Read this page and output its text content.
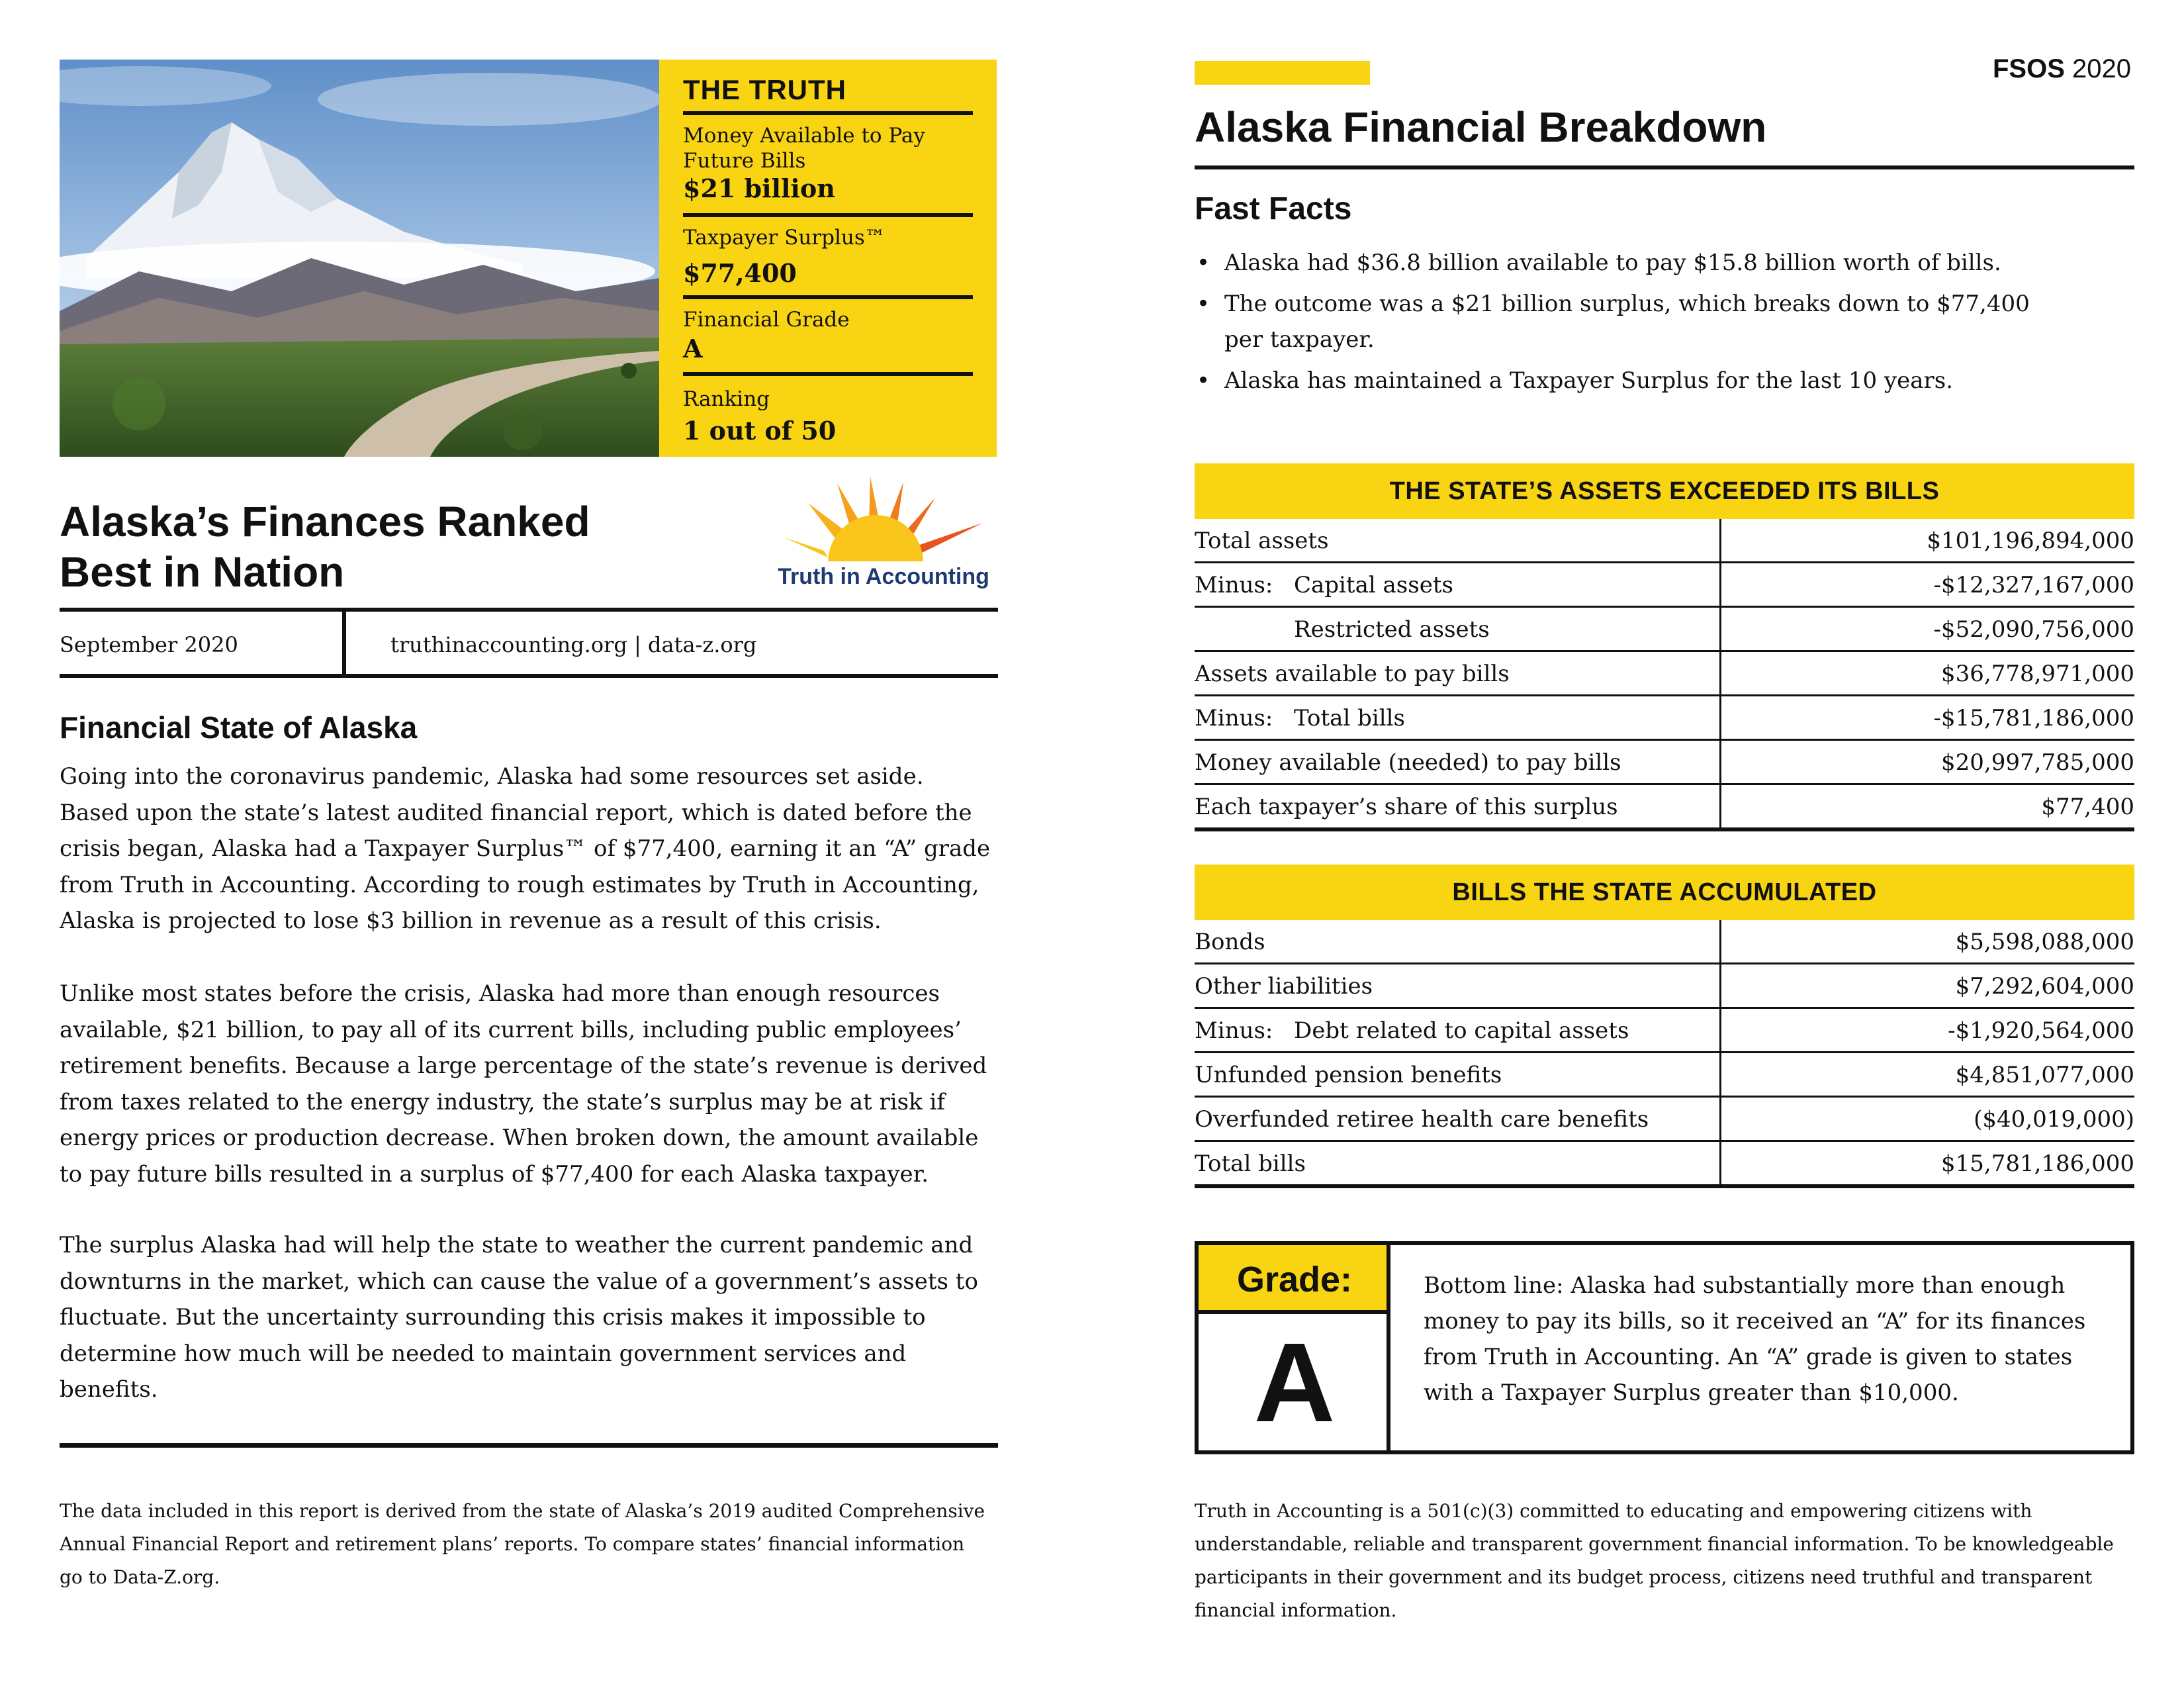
THE TRUTH
Money Available to Pay Future Bills
$21 billion
Taxpayer Surplus™
$77,400
Financial Grade
A
Ranking
1 out of 50
Alaska’s Finances Ranked
Best in Nation	Truth in Accounting
September 2020	truthinaccounting.org | data-z.org
Financial State of Alaska
Going into the coronavirus pandemic, Alaska had some resources set aside. Based upon the state’s latest audited financial report, which is dated before the crisis began, Alaska had a Taxpayer Surplus™ of $77,400, earning it an “A” grade from Truth in Accounting. According to rough estimates by Truth in Accounting, Alaska is projected to lose $3 billion in revenue as a result of this crisis.
Unlike most states before the crisis, Alaska had more than enough resources available, $21 billion, to pay all of its current bills, including public employees’ retirement benefits. Because a large percentage of the state’s revenue is derived from taxes related to the energy industry, the state’s surplus may be at risk if energy prices or production decrease. When broken down, the amount available to pay future bills resulted in a surplus of $77,400 for each Alaska taxpayer.
The surplus Alaska had will help the state to weather the current pandemic and downturns in the market, which can cause the value of a government’s assets to fluctuate. But the uncertainty surrounding this crisis makes it impossible to determine how much will be needed to maintain government services and benefits.
The data included in this report is derived from the state of Alaska’s 2019 audited Comprehensive Annual Financial Report and retirement plans’ reports. To compare states’ financial information go to Data-Z.org.
FSOS 2020
Alaska Financial Breakdown
Fast Facts
• Alaska had $36.8 billion available to pay $15.8 billion worth of bills.
• The outcome was a $21 billion surplus, which breaks down to $77,400 per taxpayer.
• Alaska has maintained a Taxpayer Surplus for the last 10 years.
THE STATE’S ASSETS EXCEEDED ITS BILLS
Total assets	$101,196,894,000
Minus: Capital assets	-$12,327,167,000
Restricted assets	-$52,090,756,000
Assets available to pay bills	$36,778,971,000
Minus: Total bills	-$15,781,186,000
Money available (needed) to pay bills	$20,997,785,000
Each taxpayer’s share of this surplus	$77,400
BILLS THE STATE ACCUMULATED
Bonds	$5,598,088,000
Other liabilities	$7,292,604,000
Minus: Debt related to capital assets	-$1,920,564,000
Unfunded pension benefits	$4,851,077,000
Overfunded retiree health care benefits	($40,019,000)
Total bills	$15,781,186,000
Grade:
A
Bottom line: Alaska had substantially more than enough money to pay its bills, so it received an “A” for its finances from Truth in Accounting. An “A” grade is given to states with a Taxpayer Surplus greater than $10,000.
Truth in Accounting is a 501(c)(3) committed to educating and empowering citizens with understandable, reliable and transparent government financial information. To be knowledgeable participants in their government and its budget process, citizens need truthful and transparent financial information.
